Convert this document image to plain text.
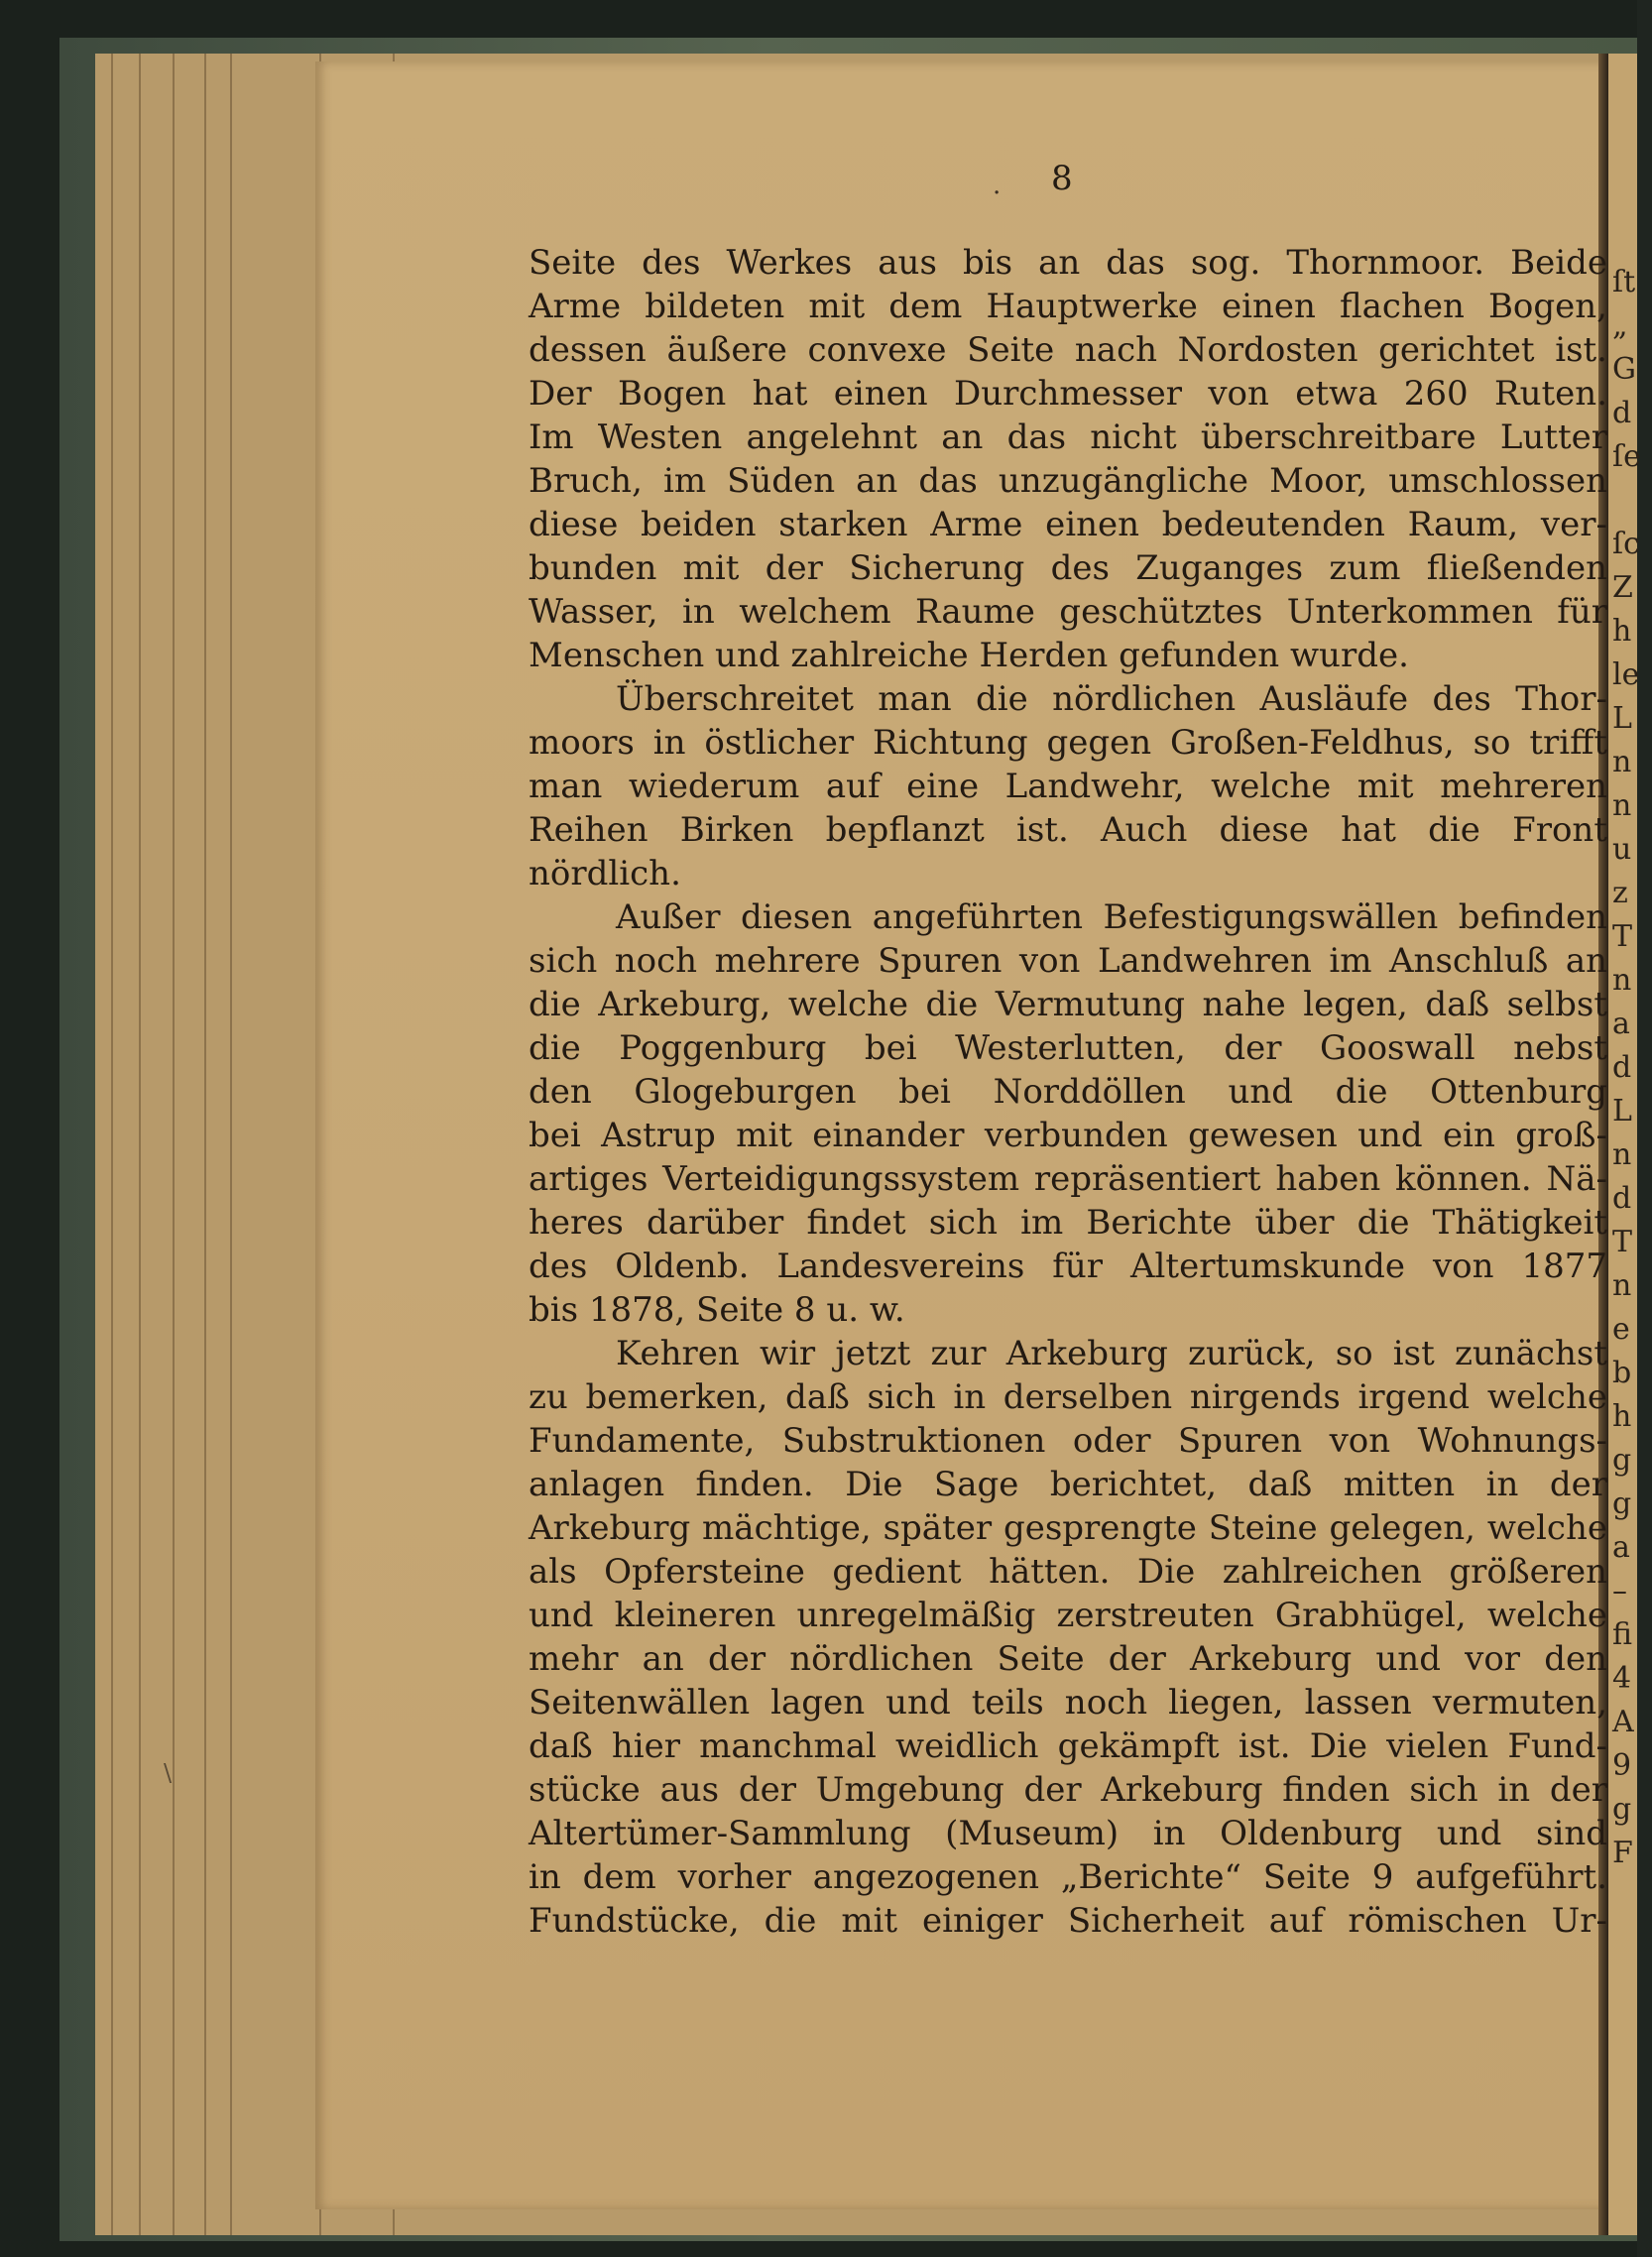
ſt
„
G
d
ſe
ſc
Z
h
le
L
n
n
u
z
T
n
a
d
L
n
d
T
n
e
b
h
g
g
a
–
fi
4
A
9
g
F
\
. 8
Seite des Werkes aus bis an das sog. Thornmoor. Beide
Arme bildeten mit dem Hauptwerke einen flachen Bogen,
dessen äußere convexe Seite nach Nordosten gerichtet ist.
Der Bogen hat einen Durchmesser von etwa 260 Ruten.
Im Westen angelehnt an das nicht überschreitbare Lutter
Bruch, im Süden an das unzugängliche Moor, umschlossen
diese beiden starken Arme einen bedeutenden Raum, ver-
bunden mit der Sicherung des Zuganges zum fließenden
Wasser, in welchem Raume geschütztes Unterkommen für
Menschen und zahlreiche Herden gefunden wurde.
Überschreitet man die nördlichen Ausläufe des Thor-
moors in östlicher Richtung gegen Großen-Feldhus, so trifft
man wiederum auf eine Landwehr, welche mit mehreren
Reihen Birken bepflanzt ist. Auch diese hat die Front
nördlich.
Außer diesen angeführten Befestigungswällen befinden
sich noch mehrere Spuren von Landwehren im Anschluß an
die Arkeburg, welche die Vermutung nahe legen, daß selbst
die Poggenburg bei Westerlutten, der Gooswall nebst
den Glogeburgen bei Norddöllen und die Ottenburg
bei Astrup mit einander verbunden gewesen und ein groß-
artiges Verteidigungssystem repräsentiert haben können. Nä-
heres darüber findet sich im Berichte über die Thätigkeit
des Oldenb. Landesvereins für Altertumskunde von 1877
bis 1878, Seite 8 u. w.
Kehren wir jetzt zur Arkeburg zurück, so ist zunächst
zu bemerken, daß sich in derselben nirgends irgend welche
Fundamente, Substruktionen oder Spuren von Wohnungs-
anlagen finden. Die Sage berichtet, daß mitten in der
Arkeburg mächtige, später gesprengte Steine gelegen, welche
als Opfersteine gedient hätten. Die zahlreichen größeren
und kleineren unregelmäßig zerstreuten Grabhügel, welche
mehr an der nördlichen Seite der Arkeburg und vor den
Seitenwällen lagen und teils noch liegen, lassen vermuten,
daß hier manchmal weidlich gekämpft ist. Die vielen Fund-
stücke aus der Umgebung der Arkeburg finden sich in der
Altertümer-Sammlung (Museum) in Oldenburg und sind
in dem vorher angezogenen „Berichte“ Seite 9 aufgeführt.
Fundstücke, die mit einiger Sicherheit auf römischen Ur-
